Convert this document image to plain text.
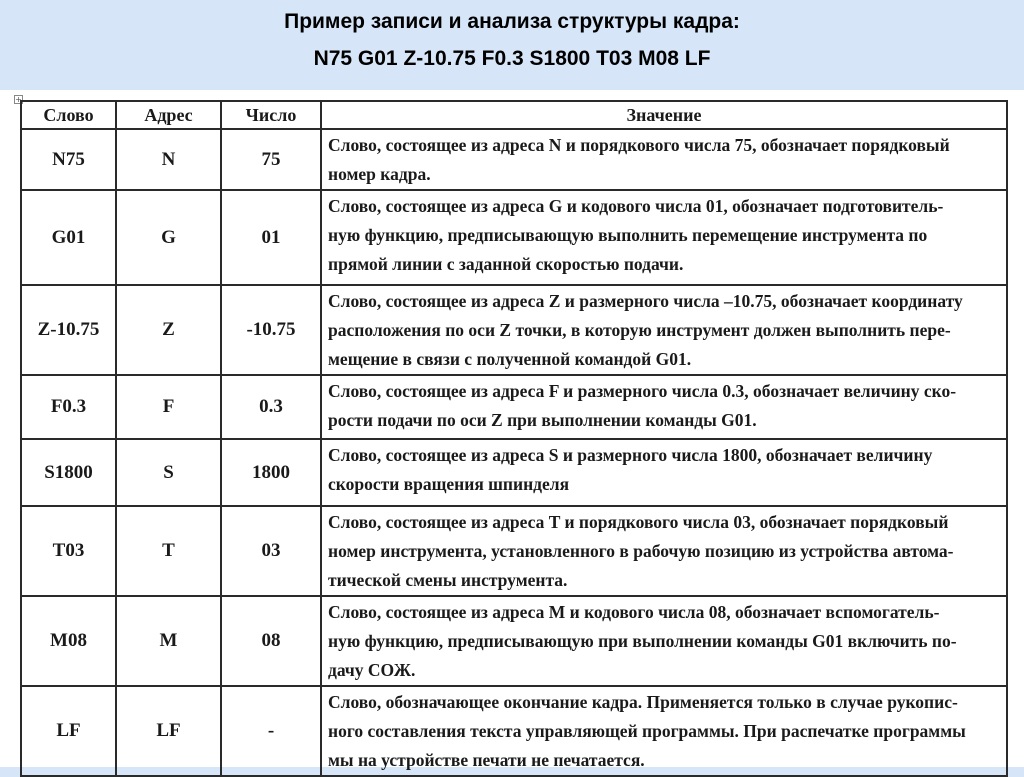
Пример записи и анализа структуры кадра:
N75 G01 Z-10.75 F0.3 S1800 T03 M08 LF
+
Слово	Адрес	Число	Значение
N75	N	75	Слово, состоящее из адреса N и порядкового числа 75, обозначает порядковый
номер кадра.
G01	G	01	Слово, состоящее из адреса G и кодового числа 01, обозначает подготовитель-
ную функцию, предписывающую выполнить перемещение инструмента по
прямой линии с заданной скоростью подачи.
Z-10.75	Z	-10.75	Слово, состоящее из адреса Z и размерного числа –10.75, обозначает координату
расположения по оси Z точки, в которую инструмент должен выполнить пере-
мещение в связи с полученной командой G01.
F0.3	F	0.3	Слово, состоящее из адреса F и размерного числа 0.3, обозначает величину ско-
рости подачи по оси Z при выполнении команды G01.
S1800	S	1800	Слово, состоящее из адреса S и размерного числа 1800, обозначает величину
скорости вращения шпинделя
T03	T	03	Слово, состоящее из адреса T и порядкового числа 03, обозначает порядковый
номер инструмента, установленного в рабочую позицию из устройства автома-
тической смены инструмента.
M08	M	08	Слово, состоящее из адреса M и кодового числа 08, обозначает вспомогатель-
ную функцию, предписывающую при выполнении команды G01 включить по-
дачу СОЖ.
LF	LF	-	Слово, обозначающее окончание кадра. Применяется только в случае рукопис-
ного составления текста управляющей программы. При распечатке программы
мы на устройстве печати не печатается.
